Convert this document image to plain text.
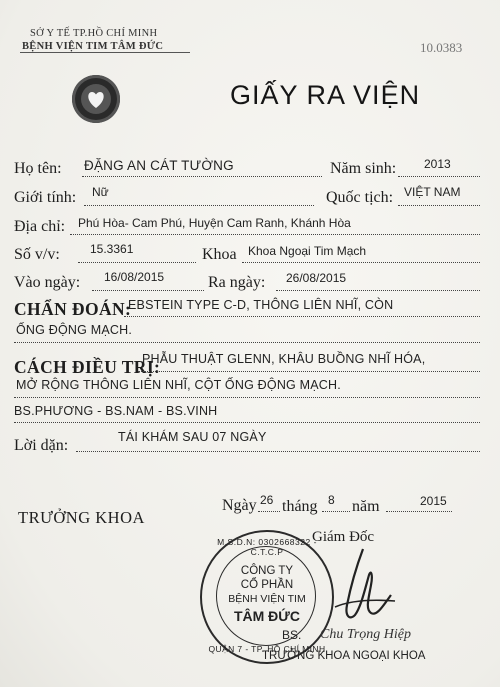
SỞ Y TẾ TP.HỒ CHÍ MINH
BỆNH VIỆN TIM TÂM ĐỨC	10.0383
GIẤY RA VIỆN
Họ tên: ĐẶNG AN CÁT TƯỜNG	Năm sinh: 2013
Giới tính: Nữ	Quốc tịch: VIỆT NAM
Địa chỉ: Phú Hòa- Cam Phú, Huyện Cam Ranh, Khánh Hòa
Số v/v:	15.3361	Khoa Khoa Ngoại Tim Mạch
Vào ngày: 16/08/2015	Ra ngày: 26/08/2015
CHẨN ĐOÁN:
EBSTEIN TYPE C-D, THÔNG LIÊN NHĨ, CÒN
ỐNG ĐỘNG MẠCH.
CÁCH ĐIỀU TRỊ:
PHẪU THUẬT GLENN, KHÂU BUỒNG NHĨ HÓA,
MỞ RỘNG THÔNG LIÊN NHĨ, CỘT ỐNG ĐỘNG MẠCH.
BS.PHƯƠNG - BS.NAM - BS.VINH
Lời dặn:	TÁI KHÁM SAU 07 NGÀY
TRƯỞNG KHOA
Ngày 26 tháng 8 năm	2015
Giám Đốc
M.S.D.N: 0302668322 - C.T.C.P
CÔNG TY
CỔ PHẦN
BỆNH VIỆN TIM
TÂM ĐỨC
QUẬN 7 - TP. HỒ CHÍ MINH
BS. Chu Trọng Hiệp
TRƯỞNG KHOA NGOẠI KHOA
